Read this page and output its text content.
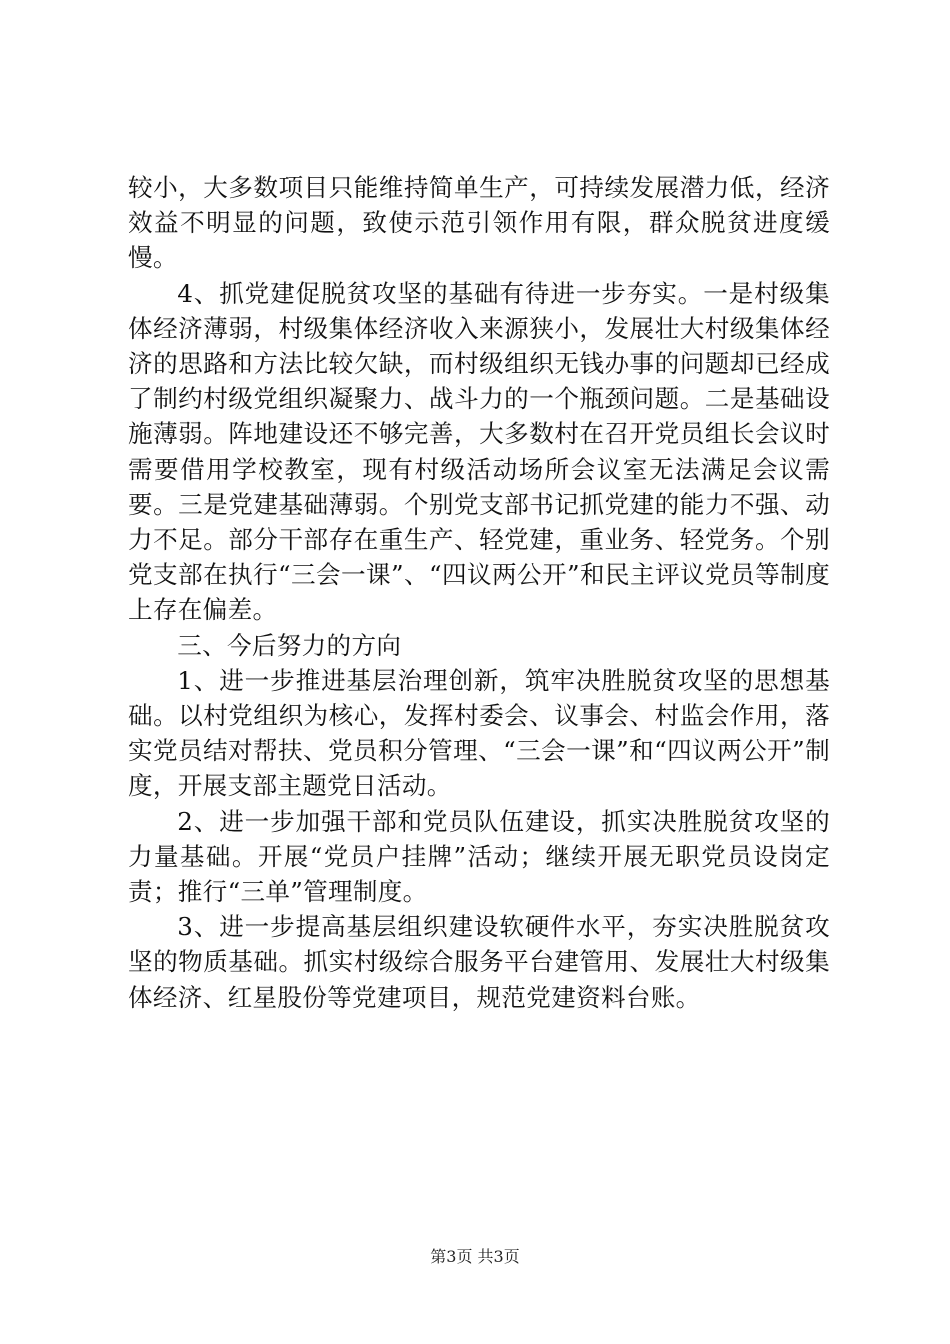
较小，大多数项目只能维持简单生产，可持续发展潜力低，经济效益不明显的问题，致使示范引领作用有限，群众脱贫进度缓慢。

4、抓党建促脱贫攻坚的基础有待进一步夯实。一是村级集体经济薄弱，村级集体经济收入来源狭小，发展壮大村级集体经济的思路和方法比较欠缺，而村级组织无钱办事的问题却已经成了制约村级党组织凝聚力、战斗力的一个瓶颈问题。二是基础设施薄弱。阵地建设还不够完善，大多数村在召开党员组长会议时需要借用学校教室，现有村级活动场所会议室无法满足会议需要。三是党建基础薄弱。个别党支部书记抓党建的能力不强、动力不足。部分干部存在重生产、轻党建，重业务、轻党务。个别党支部在执行“三会一课”、“四议两公开”和民主评议党员等制度上存在偏差。

三、今后努力的方向

1、进一步推进基层治理创新，筑牢决胜脱贫攻坚的思想基础。以村党组织为核心，发挥村委会、议事会、村监会作用，落实党员结对帮扶、党员积分管理、“三会一课”和“四议两公开”制度，开展支部主题党日活动。

2、进一步加强干部和党员队伍建设，抓实决胜脱贫攻坚的力量基础。开展“党员户挂牌”活动；继续开展无职党员设岗定责；推行“三单”管理制度。

3、进一步提高基层组织建设软硬件水平，夯实决胜脱贫攻坚的物质基础。抓实村级综合服务平台建管用、发展壮大村级集体经济、红星股份等党建项目，规范党建资料台账。

第3页 共3页
